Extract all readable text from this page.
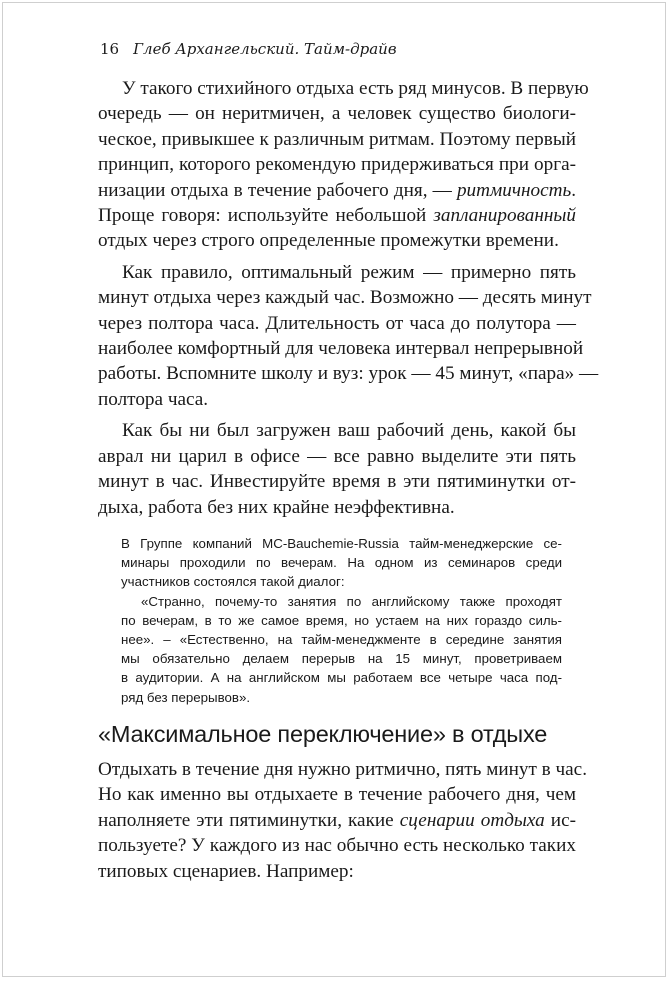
16 Глеб Архангельский. Тайм-драйв
У такого стихийного отдыха есть ряд минусов. В первую
очередь — он неритмичен, а человек существо биологи-
ческое, привыкшее к различным ритмам. Поэтому первый
принцип, которого рекомендую придерживаться при орга-
низации отдыха в течение рабочего дня, — ритмичность.
Проще говоря: используйте небольшой запланированный
отдых через строго определенные промежутки времени.
Как правило, оптимальный режим — примерно пять
минут отдыха через каждый час. Возможно — десять минут
через полтора часа. Длительность от часа до полутора —
наиболее комфортный для человека интервал непрерывной
работы. Вспомните школу и вуз: урок — 45 минут, «пара» —
полтора часа.
Как бы ни был загружен ваш рабочий день, какой бы
аврал ни царил в офисе — все равно выделите эти пять
минут в час. Инвестируйте время в эти пятиминутки от-
дыха, работа без них крайне неэффективна.
В Группе компаний MC-Bauchemie-Russia тайм-менеджерские се-
минары проходили по вечерам. На одном из семинаров среди
участников состоялся такой диалог:
«Странно, почему-то занятия по английскому также проходят
по вечерам, в то же самое время, но устаем на них гораздо силь-
нее». – «Естественно, на тайм-менеджменте в середине занятия
мы обязательно делаем перерыв на 15 минут, проветриваем
в аудитории. А на английском мы работаем все четыре часа под-
ряд без перерывов».
«Максимальное переключение» в отдыхе
Отдыхать в течение дня нужно ритмично, пять минут в час.
Но как именно вы отдыхаете в течение рабочего дня, чем
наполняете эти пятиминутки, какие сценарии отдыха ис-
пользуете? У каждого из нас обычно есть несколько таких
типовых сценариев. Например:
